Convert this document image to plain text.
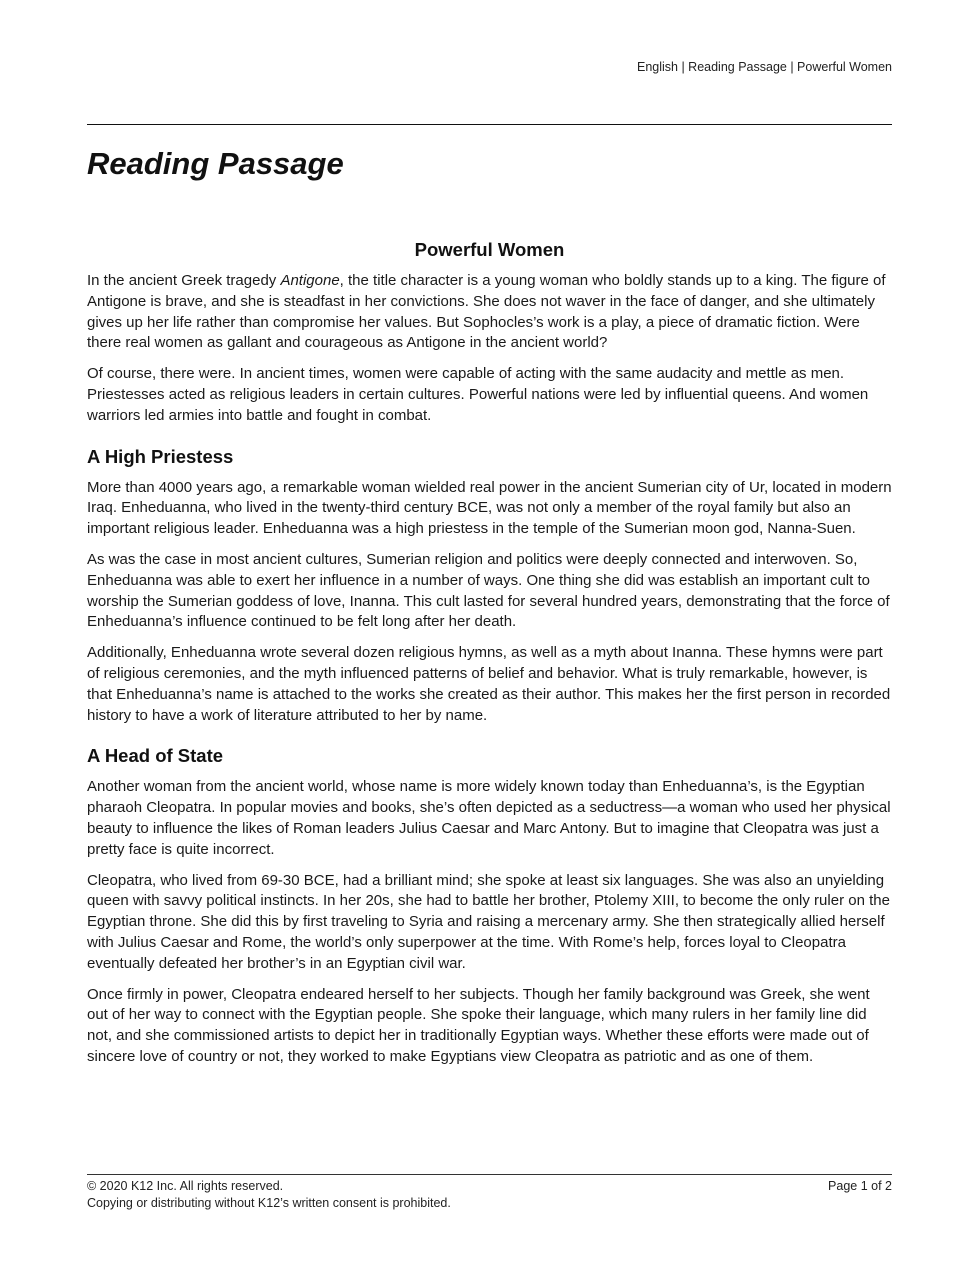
English | Reading Passage | Powerful Women
Reading Passage
Powerful Women

In the ancient Greek tragedy Antigone, the title character is a young woman who boldly stands up to a king. The figure of Antigone is brave, and she is steadfast in her convictions. She does not waver in the face of danger, and she ultimately gives up her life rather than compromise her values. But Sophocles’s work is a play, a piece of dramatic fiction. Were there real women as gallant and courageous as Antigone in the ancient world?

Of course, there were. In ancient times, women were capable of acting with the same audacity and mettle as men. Priestesses acted as religious leaders in certain cultures. Powerful nations were led by influential queens. And women warriors led armies into battle and fought in combat.

A High Priestess

More than 4000 years ago, a remarkable woman wielded real power in the ancient Sumerian city of Ur, located in modern Iraq. Enheduanna, who lived in the twenty-third century BCE, was not only a member of the royal family but also an important religious leader. Enheduanna was a high priestess in the temple of the Sumerian moon god, Nanna-Suen.

As was the case in most ancient cultures, Sumerian religion and politics were deeply connected and interwoven. So, Enheduanna was able to exert her influence in a number of ways. One thing she did was establish an important cult to worship the Sumerian goddess of love, Inanna. This cult lasted for several hundred years, demonstrating that the force of Enheduanna’s influence continued to be felt long after her death.

Additionally, Enheduanna wrote several dozen religious hymns, as well as a myth about Inanna. These hymns were part of religious ceremonies, and the myth influenced patterns of belief and behavior. What is truly remarkable, however, is that Enheduanna’s name is attached to the works she created as their author. This makes her the first person in recorded history to have a work of literature attributed to her by name.

A Head of State

Another woman from the ancient world, whose name is more widely known today than Enheduanna’s, is the Egyptian pharaoh Cleopatra. In popular movies and books, she’s often depicted as a seductress—a woman who used her physical beauty to influence the likes of Roman leaders Julius Caesar and Marc Antony. But to imagine that Cleopatra was just a pretty face is quite incorrect.

Cleopatra, who lived from 69-30 BCE, had a brilliant mind; she spoke at least six languages. She was also an unyielding queen with savvy political instincts. In her 20s, she had to battle her brother, Ptolemy XIII, to become the only ruler on the Egyptian throne. She did this by first traveling to Syria and raising a mercenary army. She then strategically allied herself with Julius Caesar and Rome, the world’s only superpower at the time. With Rome’s help, forces loyal to Cleopatra eventually defeated her brother’s in an Egyptian civil war.

Once firmly in power, Cleopatra endeared herself to her subjects. Though her family background was Greek, she went out of her way to connect with the Egyptian people. She spoke their language, which many rulers in her family line did not, and she commissioned artists to depict her in traditionally Egyptian ways. Whether these efforts were made out of sincere love of country or not, they worked to make Egyptians view Cleopatra as patriotic and as one of them.

© 2020 K12 Inc. All rights reserved.
Copying or distributing without K12’s written consent is prohibited.
Page 1 of 2
